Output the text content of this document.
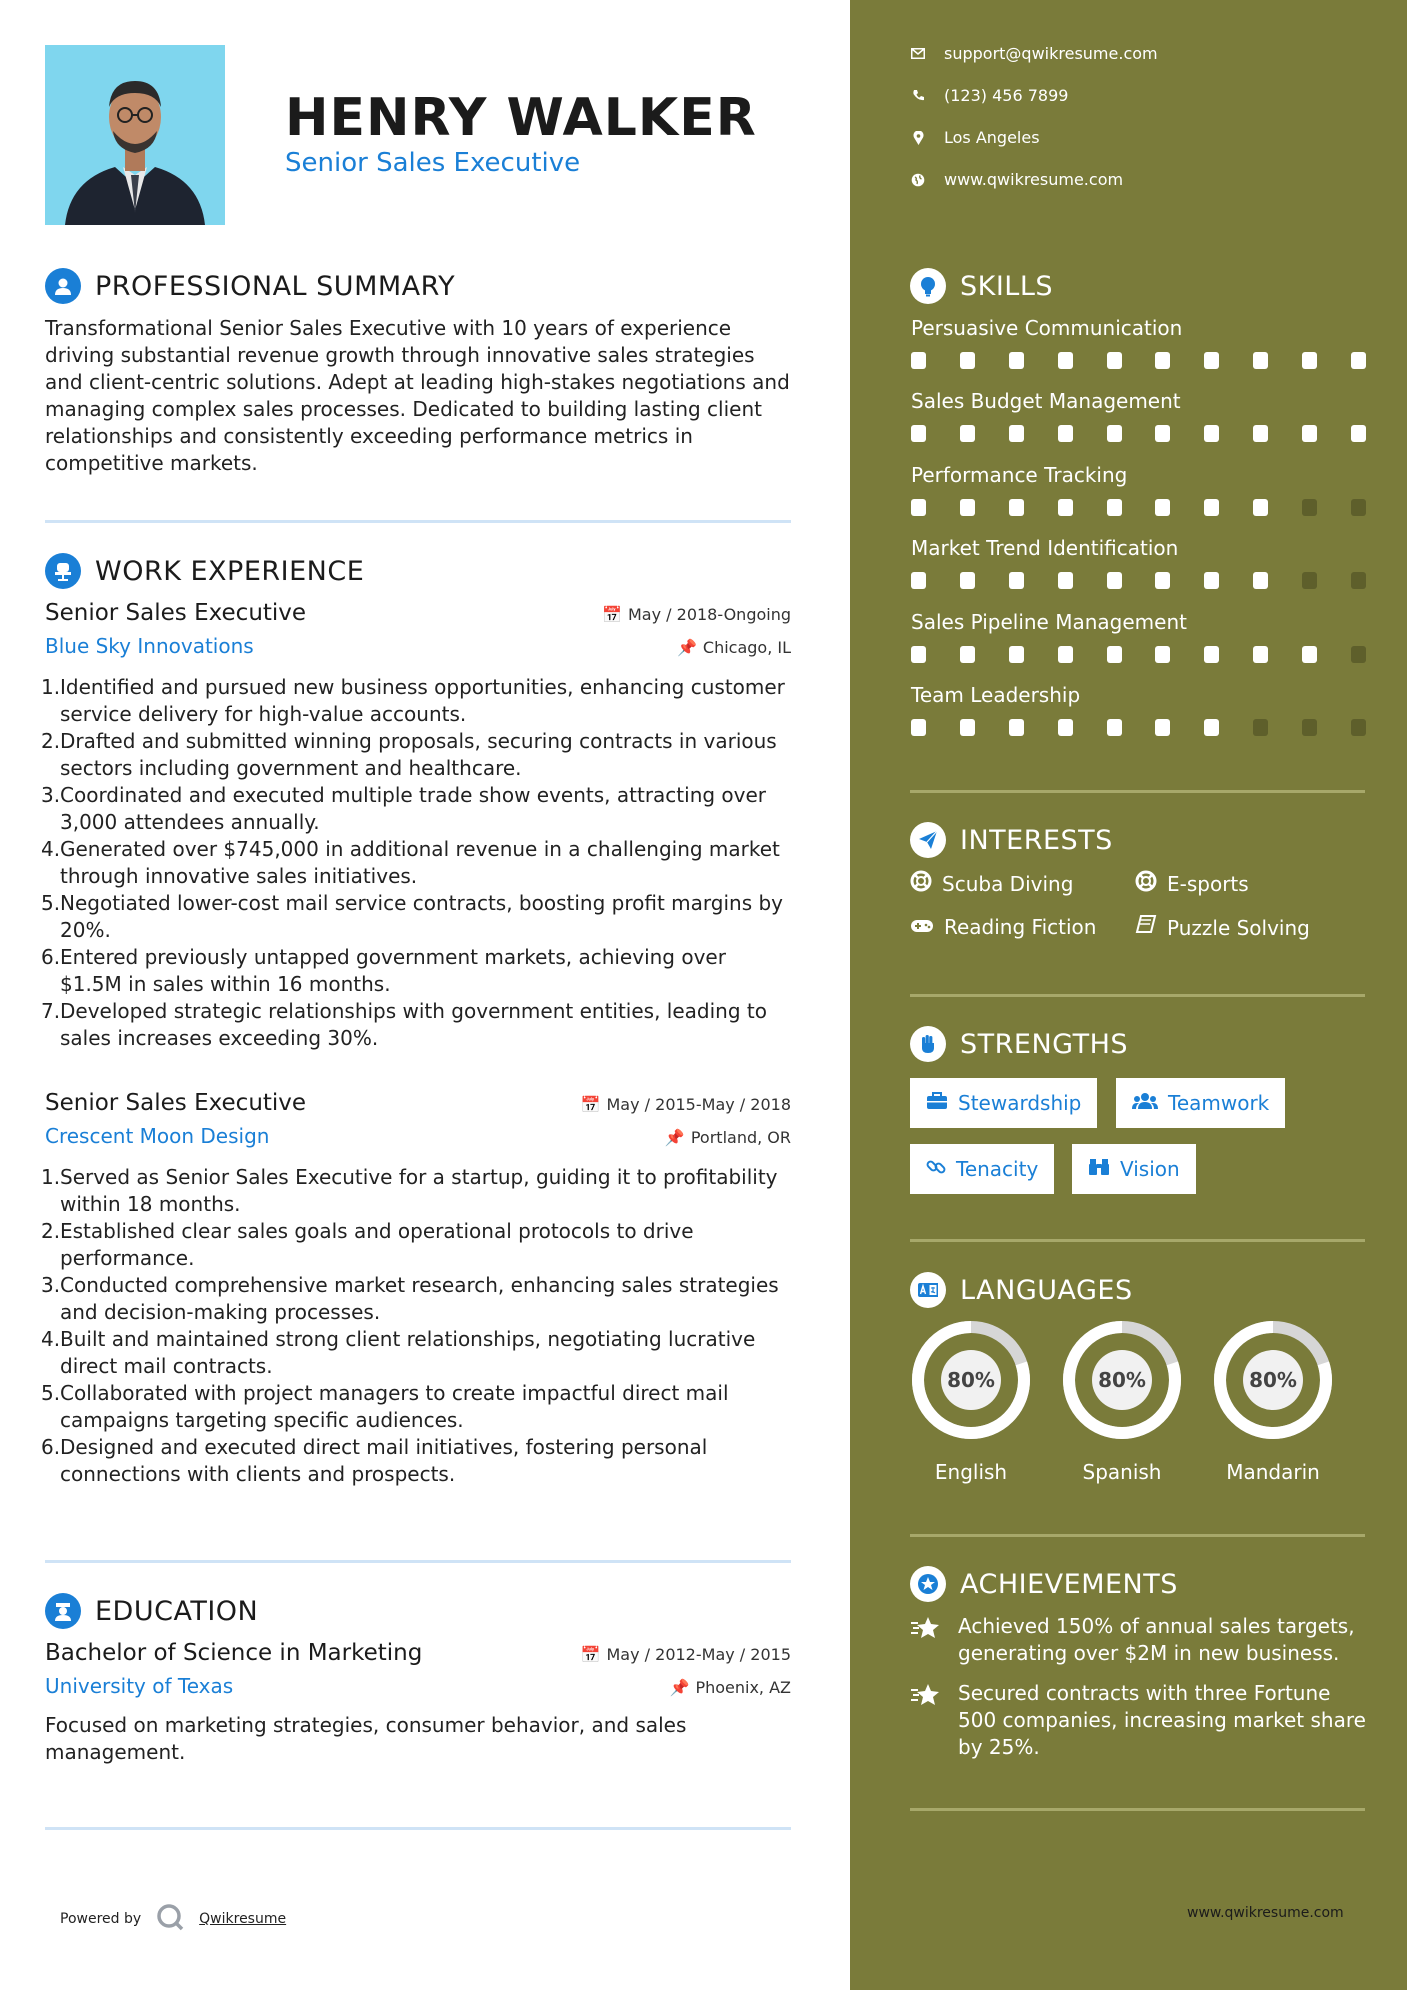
HENRY WALKER
Senior Sales Executive
PROFESSIONAL SUMMARY
Transformational Senior Sales Executive with 10 years of experience driving substantial revenue growth through innovative sales strategies and client-centric solutions. Adept at leading high-stakes negotiations and managing complex sales processes. Dedicated to building lasting client relationships and consistently exceeding performance metrics in competitive markets.
WORK EXPERIENCE
Senior Sales Executive	📅 May / 2018-Ongoing
Blue Sky Innovations	📌 Chicago, IL
1. Identified and pursued new business opportunities, enhancing customer service delivery for high-value accounts.
2. Drafted and submitted winning proposals, securing contracts in various sectors including government and healthcare.
3. Coordinated and executed multiple trade show events, attracting over 3,000 attendees annually.
4. Generated over $745,000 in additional revenue in a challenging market through innovative sales initiatives.
5. Negotiated lower-cost mail service contracts, boosting profit margins by 20%.
6. Entered previously untapped government markets, achieving over $1.5M in sales within 16 months.
7. Developed strategic relationships with government entities, leading to sales increases exceeding 30%.
Senior Sales Executive	📅 May / 2015-May / 2018
Crescent Moon Design	📌 Portland, OR
1. Served as Senior Sales Executive for a startup, guiding it to profitability within 18 months.
2. Established clear sales goals and operational protocols to drive performance.
3. Conducted comprehensive market research, enhancing sales strategies and decision-making processes.
4. Built and maintained strong client relationships, negotiating lucrative direct mail contracts.
5. Collaborated with project managers to create impactful direct mail campaigns targeting specific audiences.
6. Designed and executed direct mail initiatives, fostering personal connections with clients and prospects.
EDUCATION
Bachelor of Science in Marketing	📅 May / 2012-May / 2015
University of Texas	📌 Phoenix, AZ
Focused on marketing strategies, consumer behavior, and sales management.
Powered by	Qwikresume
support@qwikresume.com
(123) 456 7899
Los Angeles
www.qwikresume.com
SKILLS
Persuasive Communication
Sales Budget Management
Performance Tracking
Market Trend Identification
Sales Pipeline Management
Team Leadership
INTERESTS
Scuba Diving	E-sports
Reading Fiction	Puzzle Solving
STRENGTHS
Stewardship	Teamwork
Tenacity	Vision
LANGUAGES
80%
English
80%
Spanish
80%
Mandarin
ACHIEVEMENTS
Achieved 150% of annual sales targets, generating over $2M in new business.
Secured contracts with three Fortune 500 companies, increasing market share by 25%.
www.qwikresume.com
